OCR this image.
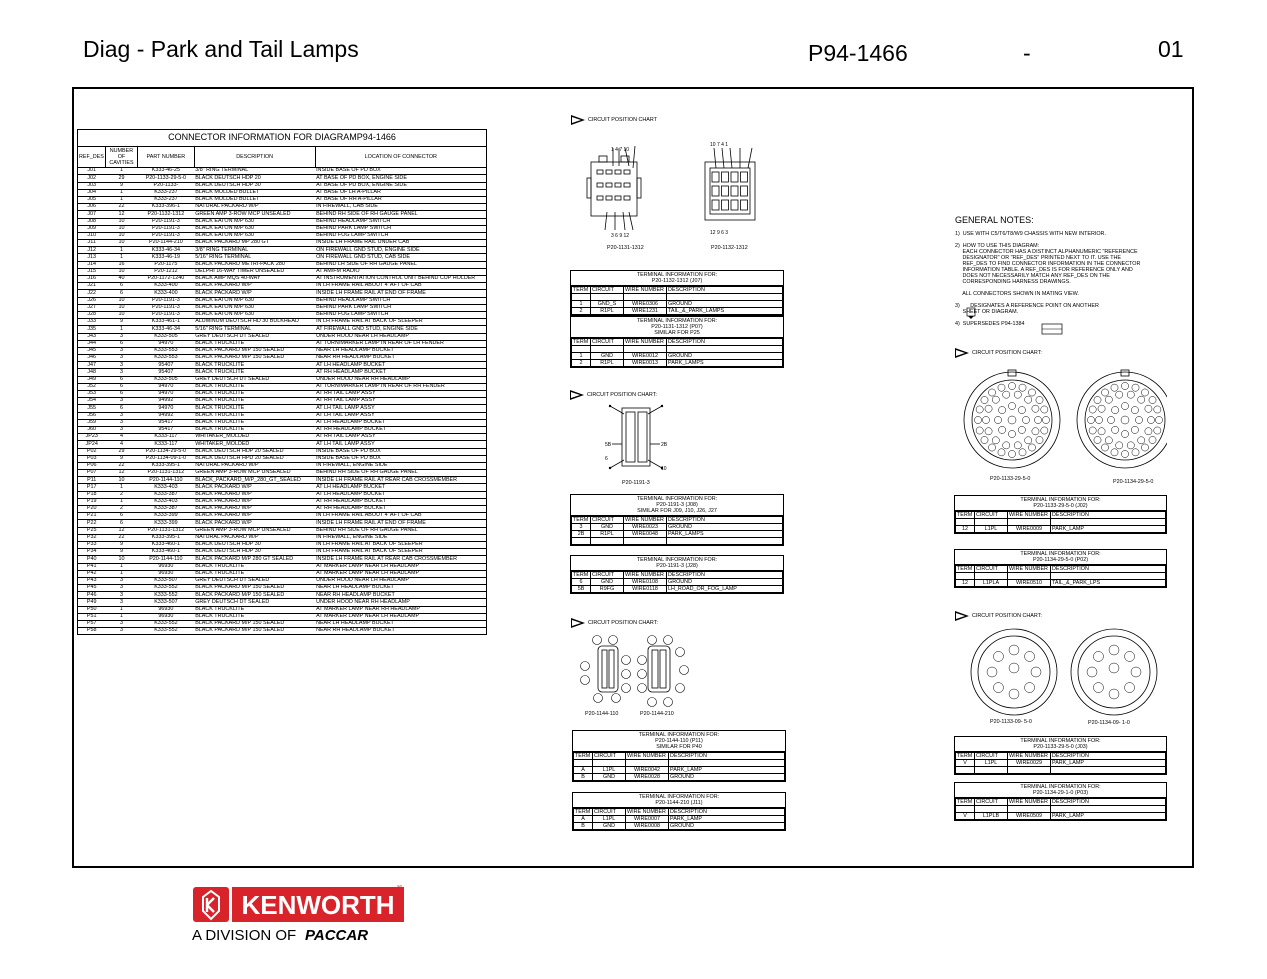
Diag - Park and Tail Lamps	P94-1466	-	01
CONNECTOR INFORMATION FOR DIAGRAMP94-1466				
REF_DES	NUMBER OF CAVITIES	PART NUMBER	DESCRIPTION	LOCATION OF CONNECTOR
J01	1	K333-46-25	3/8" RING TERMINAL	INSIDE BASE OF PD BOX
J02	29	P20-1133-29-5-0	BLACK DEUTSCH HDP 20	AT BASE OF PD BOX, ENGINE SIDE
J03	9	P20-1133-	BLACK DEUTSCH HDP 30	AT BASE OF PD BOX, ENGINE SIDE
J04	1	K333-237	BLACK MOLDED BULLET	AT BASE OF LH A-PILLAR
J05	1	K333-237	BLACK MOLDED BULLET	AT BASE OF RH A-PILLAR
J06	22	K333-396-1	NATURAL PACKARD W/P	IN FIREWALL, CAB SIDE
J07	12	P20-1132-1312	GREEN AMP 3-ROW MCP UNSEALED	BEHIND RH SIDE OF RH GAUGE PANEL
J08	10	P20-1191-3	BLACK EATON M/P 630	BEHIND HEADLAMP SWITCH
J09	10	P20-1191-3	BLACK EATON M/P 630	BEHIND PARK LAMP SWITCH
J10	10	P20-1191-3	BLACK EATON M/P 630	BEHIND FOG LAMP SWITCH
J11	10	P20-1144-210	BLACK PACKARD MP 280 GT	INSIDE LH FRAME RAIL UNDER CAB
J12	1	K333-46-34	3/8" RING TERMINAL	ON FIREWALL GND STUD, ENGINE SIDE
J13	1	K333-46-19	5/16" RING TERMINAL	ON FIREWALL GND STUD, CAB SIDE
J14	16	P20-1175	BLACK PACKARD METRI-PACK 280	BEHIND LH SIDE OF RH GAUGE PANEL
J15	10	P20-1212	DELPHI 16-WAY TIMER UNSEALED	AT AM/FM RADIO
J16	40	P20-1172-1240	BLACK AMP MQS 40-WAY	AT INSTRUMENTATION CONTROL UNIT BEHIND CUP HOLDER
J21	6	K333-400	BLACK PACKARD W/P	IN LH FRAME RAIL ABOUT 4' AFT OF CAB
J22	6	K333-400	BLACK PACKARD W/P	INSIDE LH FRAME RAIL AT END OF FRAME
J26	10	P20-1191-3	BLACK EATON M/P 630	BEHIND HEADLAMP SWITCH
J27	10	P20-1191-3	BLACK EATON M/P 630	BEHIND PARK LAMP SWITCH
J28	10	P20-1191-3	BLACK EATON M/P 630	BEHIND FOG LAMP SWITCH
J33	9	K333-461-1	ALUMINUM DEUTSCH HD 30 BULKHEAD	IN LH FRAME RAIL AT BACK OF SLEEPER
J35	1	K333-46-34	5/16" RING TERMINAL	AT FIREWALL GND STUD, ENGINE SIDE
J43	3	K333-505	GREY DEUTSCH DT SEALED	UNDER HOOD NEAR LH HEADLAMP
J44	6	94970	BLACK TRUCKLITE	AT TURN/MARKER LAMP IN REAR OF LH FENDER
J45	3	K333-553	BLACK PACKARD M/P 150 SEALED	NEAR LH HEADLAMP BUCKET
J46	3	K333-553	BLACK PACKARD M/P 150 SEALED	NEAR RH HEADLAMP BUCKET
J47	3	95407	BLACK TRUCKLITE	AT LH HEADLAMP BUCKET
J48	3	95407	BLACK TRUCKLITE	AT RH HEADLAMP BUCKET
J49	6	K333-505	GREY DEUTSCH DT SEALED	UNDER HOOD NEAR RH HEADLAMP
J52	6	94970	BLACK TRUCKLITE	AT TURN/MARKER LAMP IN REAR OF RH FENDER
J53	6	94970	BLACK TRUCKLITE	AT RH TAIL LAMP ASSY
J54	3	94992	BLACK TRUCKLITE	AT RH TAIL LAMP ASSY
J55	6	94970	BLACK TRUCKLITE	AT LH TAIL LAMP ASSY
J56	3	94992	BLACK TRUCKLITE	AT LH TAIL LAMP ASSY
J59	3	95417	BLACK TRUCKLITE	AT LH HEADLAMP BUCKET
J60	3	95417	BLACK TRUCKLITE	AT RH HEADLAMP BUCKET
JP23	4	K333-117	WHITAKER_MOLDED	AT RH TAIL LAMP ASSY
JP24	4	K333-117	WHITAKER_MOLDED	AT LH TAIL LAMP ASSY
P02	29	P20-1134-29-5-0	BLACK DEUTSCH HDP 20 SEALED	INSIDE BASE OF PD BOX
P03	9	P20-1134-09-1-0	BLACK DEUTSCH HPD 20 SEALED	INSIDE BASE OF PD BOX
P06	22	K333-395-1	NATURAL PACKARD W/P	IN FIREWALL, ENGINE SIDE
P07	12	P20-1131-1312	GREEN AMP 3-ROW MCP UNSEALED	BEHIND RH SIDE OF RH GAUGE PANEL
P11	10	P20-1144-110	BLACK_PACKARD_M/P_280_GT_SEALED	INSIDE LH FRAME RAIL AT REAR CAB CROSSMEMBER
P17	1	K333-403	BLACK PACKARD W/P	AT LH HEADLAMP BUCKET
P18	2	K333-387	BLACK PACKARD W/P	AT LH HEADLAMP BUCKET
P19	1	K333-403	BLACK PACKARD W/P	AT RH HEADLAMP BUCKET
P20	2	K333-387	BLACK PACKARD W/P	AT RH HEADLAMP BUCKET
P21	6	K333-399	BLACK PACKARD W/P	IN LH FRAME RAIL ABOUT 4' AFT OF CAB
P22	6	K333-399	BLACK PACKARD W/P	INSIDE LH FRAME RAIL AT END OF FRAME
P25	12	P20-1131-1312	GREEN AMP 3-ROW MCP UNSEALED	BEHIND RH SIDE OF RH GAUGE PANEL
P32	22	K333-395-1	NATURAL PACKARD W/P	IN FIREWALL, ENGINE SIDE
P33	9	K333-460-1	BLACK DEUTSCH HDP 30	IN LH FRAME RAIL AT BACK OF SLEEPER
P34	9	K333-460-1	BLACK DEUTSCH HDP 30	IN LH FRAME RAIL AT BACK OF SLEEPER
P40	10	P20-1144-110	BLACK PACKARD M/P 280 GT SEALED	INSIDE LH FRAME RAIL AT REAR CAB CROSSMEMBER
P41	1	96930	BLACK TRUCKLITE	AT MARKER LAMP NEAR LH HEADLAMP
P42	1	96930	BLACK TRUCKLITE	AT MARKER LAMP NEAR LH HEADLAMP
P43	3	K333-507	GREY DEUTSCH DT SEALED	UNDER HOOD NEAR LH HEADLAMP
P45	3	K333-552	BLACK PACKARD M/P 150 SEALED	NEAR LH HEADLAMP BUCKET
P46	3	K333-552	BLACK PACKARD M/P 150 SEALED	NEAR RH HEADLAMP BUCKET
P49	3	K333-507	GREY DEUTSCH DT SEALED	UNDER HOOD NEAR RH HEADLAMP
P50	1	96930	BLACK TRUCKLITE	AT MARKER LAMP NEAR RH HEADLAMP
P51	1	96930	BLACK TRUCKLITE	AT MARKER LAMP NEAR LH HEADLAMP
P57	3	K333-552	BLACK PACKARD M/P 150 SEALED	NEAR LH HEADLAMP BUCKET
P58	3	K333-552	BLACK PACKARD M/P 150 SEALED	NEAR RH HEADLAMP BUCKET
CIRCUIT POSITION CHART
CIRCUIT POSITION CHART:
CIRCUIT POSITION CHART:
CIRCUIT POSITION CHART:
CIRCUIT POSITION CHART:
1 4 7 10
3 6 9 12
P20-1131-1312
10 7 4 1
12 9 6 3
P20-1132-1312
5B	2B
6
10
P20-1191-3
P20-1144-110	P20-1144-210
P20-1133-29-5-0	P20-1134-29-5-0
P20-1133-09- 5-0	P20-1134-09- 1-0
TERMINAL INFORMATION FOR:
P20-1132-1312 (J07)
TERM	CIRCUIT	WIRE NUMBER	DESCRIPTION

1	GND_S	WIRE0306	GROUND
2	R1PL	WIRE1231	TAIL_&_PARK_LAMPS
TERMINAL INFORMATION FOR:
P20-1131-1312 (P07)
SIMILAR FOR P25
TERM	CIRCUIT	WIRE NUMBER	DESCRIPTION

1	GND	WIRE0012	GROUND
2	R1PL	WIRE0013	PARK_LAMPS
TERMINAL INFORMATION FOR:
P20-1191-3 (J08)
SIMILAR FOR J09, J10, J26, J27
TERM	CIRCUIT	WIRE NUMBER	DESCRIPTION
3	GND	WIRE0023	GROUND
2B	R1PL	WIRE0048	PARK_LAMPS

TERMINAL INFORMATION FOR:
P20-1191-3 (J28)
TERM	CIRCUIT	WIRE NUMBER	DESCRIPTION
6	GND	WIRE0108	GROUND
5B	R9FG	WIRE0118	LH_ROAD_OR_FOG_LAMP
TERMINAL INFORMATION FOR:
P20-1144-110 (P11)
SIMILAR FOR P40
TERM	CIRCUIT	WIRE NUMBER	DESCRIPTION

A	L1PL	WIRE0042	PARK_LAMP
B	GND	WIRE0028	GROUND
TERMINAL INFORMATION FOR:
P20-1144-210 (J11)
TERM	CIRCUIT	WIRE NUMBER	DESCRIPTION
A	L1PL	WIRE0007	PARK_LAMP
B	GND	WIRE0008	GROUND
TERMINAL INFORMATION FOR:
P20-1133-29-5-0 (J02)
TERM	CIRCUIT	WIRE NUMBER	DESCRIPTION

12	L1PL	WIRE0009	PARK_LAMP
TERMINAL INFORMATION FOR:
P20-1134-29-5-0 (P02)
TERM	CIRCUIT	WIRE NUMBER	DESCRIPTION

12	L1PLA	WIRE0510	TAIL_&_PARK_LPS
TERMINAL INFORMATION FOR:
P20-1133-29-5-0 (J03)
TERM	CIRCUIT	WIRE NUMBER	DESCRIPTION
V	L1PL	WIRE0029	PARK_LAMP

TERMINAL INFORMATION FOR:
P20-1134-29-1-0 (P03)
TERM	CIRCUIT	WIRE NUMBER	DESCRIPTION

V	L1PLB	WIRE0509	PARK_LAMP
GENERAL NOTES:
1)  USE WITH C5/T6/T8/W9 CHASSIS WITH NEW INTERIOR.

2)  HOW TO USE THIS DIAGRAM:
EACH CONNECTOR HAS A DISTINCT ALPHANUMERIC "REFERENCE
DESIGNATOR" OR "REF_DES" PRINTED NEXT TO IT. USE THE
REF_DES TO FIND CONNECTOR INFORMATION IN THE CONNECTOR
INFORMATION TABLE. A REF_DES IS FOR REFERENCE ONLY AND
DOES NOT NECESSARILY MATCH ANY REF_DES ON THE
CORRESPONDING HARNESS DRAWINGS.

ALL CONNECTORS SHOWN IN MATING VIEW.

3)       DESIGNATES A REFERENCE POINT ON ANOTHER
SHEET OR DIAGRAM.

4)  SUPERSEDES P94-1384
KENWORTH
®
A DIVISION OF PACCAR
